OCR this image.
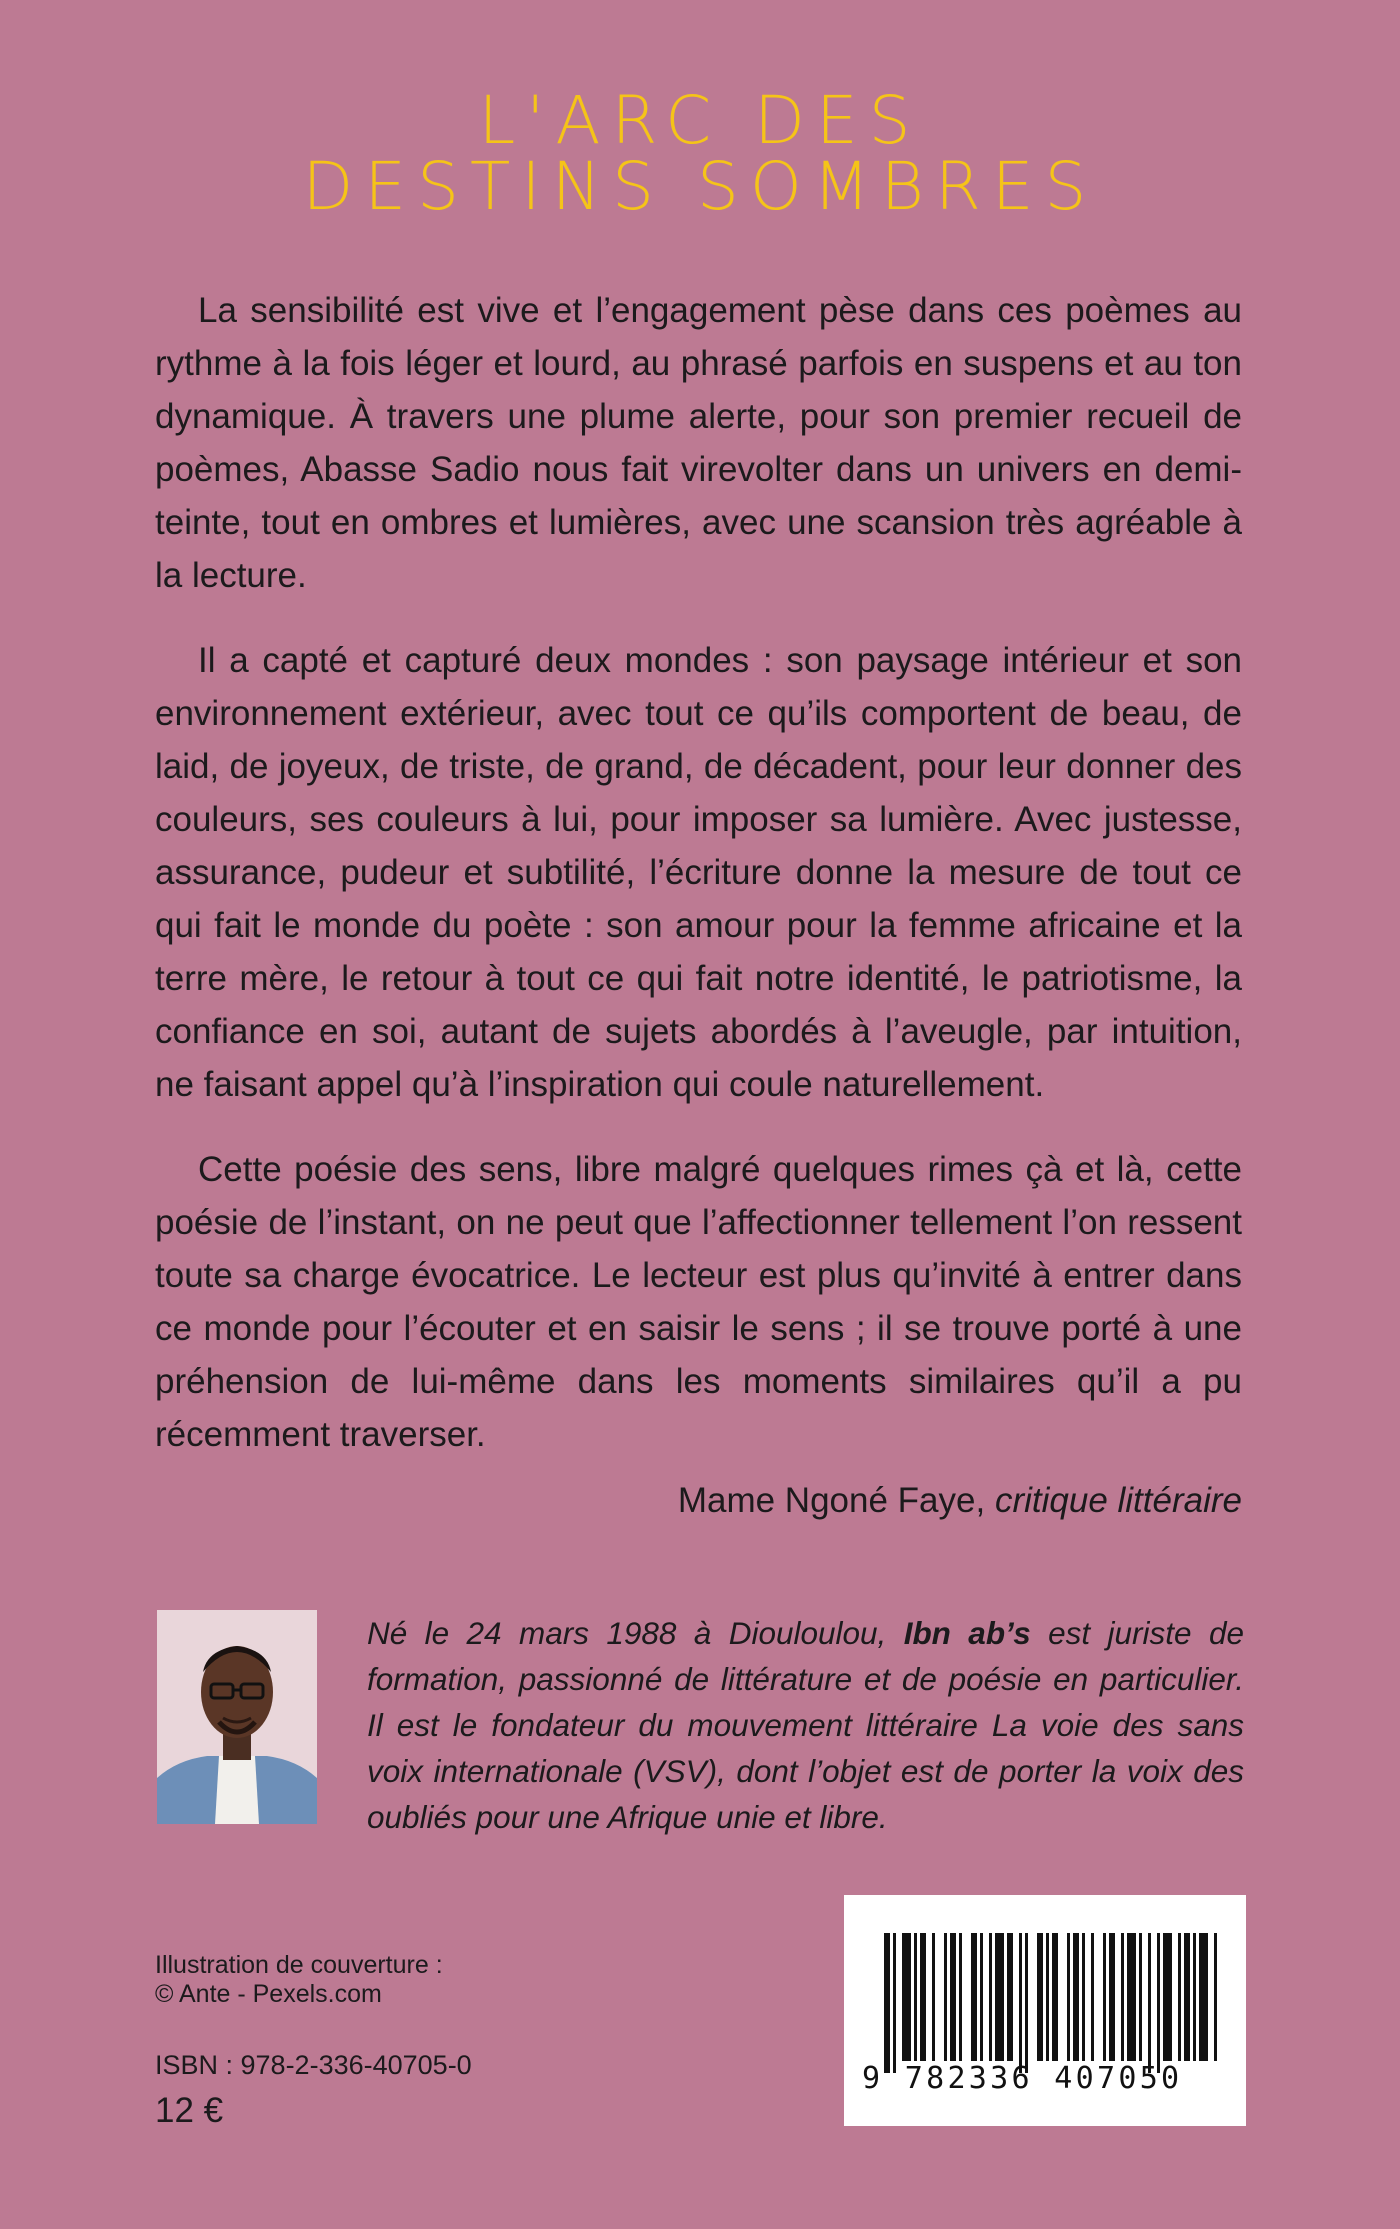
L'ARC DES
DESTINS SOMBRES

La sensibilité est vive et l’engagement pèse dans ces poèmes au rythme à la fois léger et lourd, au phrasé parfois en suspens et au ton dynamique. À travers une plume alerte, pour son premier recueil de poèmes, Abasse Sadio nous fait virevolter dans un univers en demi-teinte, tout en ombres et lumières, avec une scansion très agréable à la lecture.

Il a capté et capturé deux mondes : son paysage intérieur et son environnement extérieur, avec tout ce qu’ils comportent de beau, de laid, de joyeux, de triste, de grand, de décadent, pour leur donner des couleurs, ses couleurs à lui, pour imposer sa lumière. Avec justesse, assurance, pudeur et subtilité, l’écriture donne la mesure de tout ce qui fait le monde du poète : son amour pour la femme africaine et la terre mère, le retour à tout ce qui fait notre identité, le patriotisme, la confiance en soi, autant de sujets abordés à l’aveugle, par intuition, ne faisant appel qu’à l’inspiration qui coule naturellement.

Cette poésie des sens, libre malgré quelques rimes çà et là, cette poésie de l’instant, on ne peut que l’affectionner tellement l’on ressent toute sa charge évocatrice. Le lecteur est plus qu’invité à entrer dans ce monde pour l’écouter et en saisir le sens ; il se trouve porté à une préhension de lui-même dans les moments similaires qu’il a pu récemment traverser.

Mame Ngoné Faye, critique littéraire
Né le 24 mars 1988 à Diouloulou, Ibn ab’s est juriste de formation, passionné de littérature et de poésie en particulier. Il est le fondateur du mouvement littéraire La voie des sans voix internationale (VSV), dont l’objet est de porter la voix des oubliés pour une Afrique unie et libre.
Illustration de couverture :
© Ante - Pexels.com
ISBN : 978-2-336-40705-0
12 €
9 782336 407050
